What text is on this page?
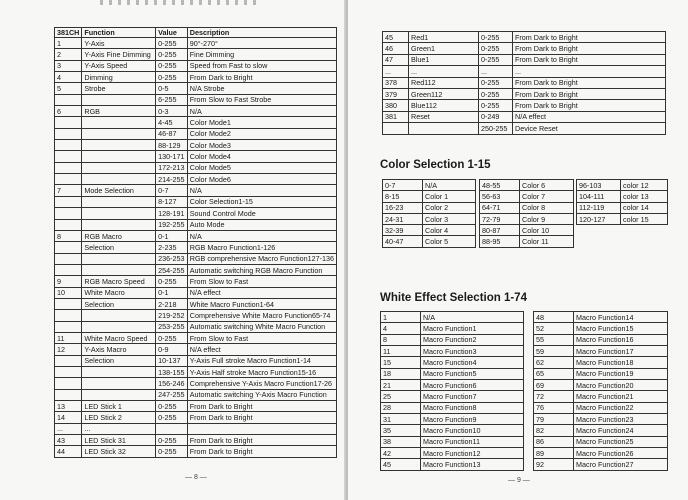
381CH	Function	Value	Description
1	Y-Axis	0-255	90°-270°
2	Y-Axis Fine Dimming	0-255	Fine Dimming
3	Y-Axis Speed	0-255	Speed from Fast to slow
4	Dimming	0-255	From Dark to Bright
5	Strobe	0-5	N/A Strobe
		6-255	From Slow to Fast Strobe
6	RGB	0-3	N/A
		4-45	Color Mode1
		46-87	Color Mode2
		88-129	Color Mode3
		130-171	Color Mode4
		172-213	Color Mode5
		214-255	Color Mode6
7	Mode Selection	0-7	N/A
		8-127	Color Selection1-15
		128-191	Sound Control Mode
		192-255	Auto Mode
8	RGB Macro	0-1	N/A
	Selection	2-235	RGB Macro Function1-126
		236-253	RGB comprehensive Macro Function127-136
		254-255	Automatic switching RGB Macro Function
9	RGB Macro Speed	0-255	From Slow to Fast
10	White Macro	0-1	N/A effect
	Selection	2-218	White Macro Function1-64
		219-252	Comprehensive White Macro Function65-74
		253-255	Automatic switching White Macro Function
11	White Macro Speed	0-255	From Slow to Fast
12	Y-Axis Macro	0-9	N/A effect
	Selection	10-137	Y-Axis Full stroke Macro Function1-14
		138-155	Y-Axis Half stroke Macro Function15-16
		156-246	Comprehensive Y-Axis Macro Function17-26
		247-255	Automatic switching Y-Axis Macro Function
13	LED Stick 1	0-255	From Dark to Bright
14	LED Stick 2	0-255	From Dark to Bright
...	...		
43	LED Stick 31	0-255	From Dark to Bright
44	LED Stick 32	0-255	From Dark to Bright
— 8 —
45	Red1	0-255	From Dark to Bright
46	Green1	0-255	From Dark to Bright
47	Blue1	0-255	From Dark to Bright
...	...	...	...
378	Red112	0-255	From Dark to Bright
379	Green112	0-255	From Dark to Bright
380	Blue112	0-255	From Dark to Bright
381	Reset	0-249	N/A effect
		250-255	Device Reset
Color Selection 1-15
0-7	N/A
8-15	Color 1
16-23	Color 2
24-31	Color 3
32-39	Color 4
40-47	Color 5
48-55	Color 6
56-63	Color 7
64-71	Color 8
72-79	Color 9
80-87	Color 10
88-95	Color 11
96-103	color 12
104-111	color 13
112-119	color 14
120-127	color 15
White Effect Selection 1-74
1	N/A
4	Macro Function1
8	Macro Function2
11	Macro Function3
15	Macro Function4
18	Macro Function5
21	Macro Function6
25	Macro Function7
28	Macro Function8
31	Macro Function9
35	Macro Function10
38	Macro Function11
42	Macro Function12
45	Macro Function13
48	Macro Function14
52	Macro Function15
55	Macro Function16
59	Macro Function17
62	Macro Function18
65	Macro Function19
69	Macro Function20
72	Macro Function21
76	Macro Function22
79	Macro Function23
82	Macro Function24
86	Macro Function25
89	Macro Function26
92	Macro Function27
— 9 —
